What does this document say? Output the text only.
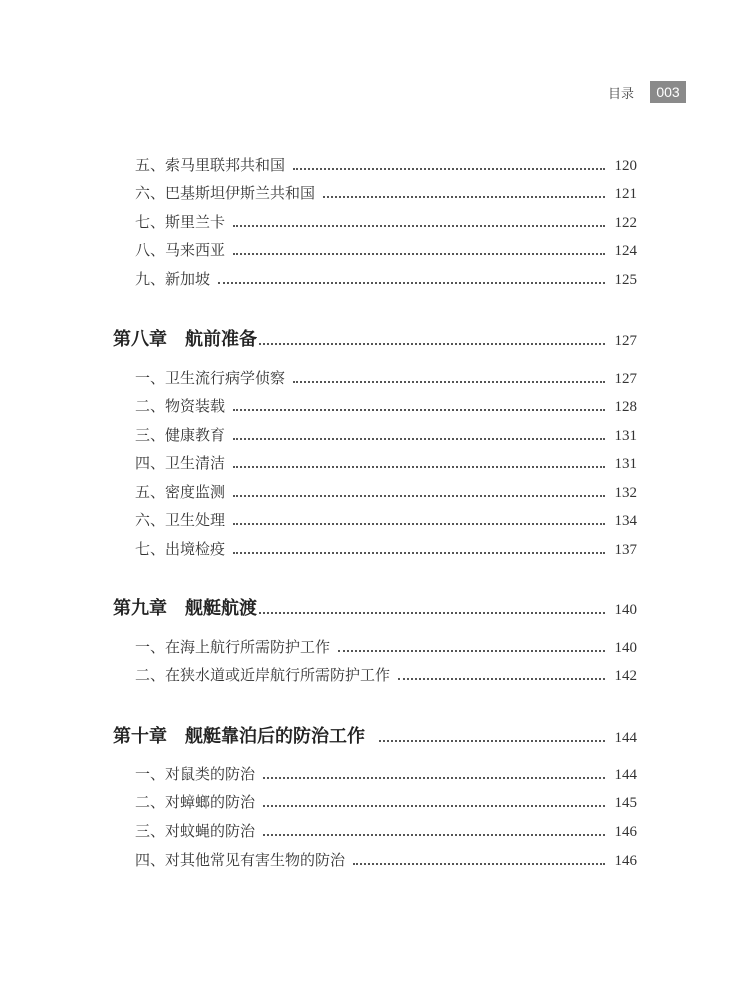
目录	003
五、索马里联邦共和国	120
六、巴基斯坦伊斯兰共和国	121
七、斯里兰卡	122
八、马来西亚	124
九、新加坡	125
第八章　航前准备	127
一、卫生流行病学侦察	127
二、物资装载	128
三、健康教育	131
四、卫生清洁	131
五、密度监测	132
六、卫生处理	134
七、出境检疫	137
第九章　舰艇航渡	140
一、在海上航行所需防护工作	140
二、在狭水道或近岸航行所需防护工作	142
第十章　舰艇靠泊后的防治工作	144
一、对鼠类的防治	144
二、对蟑螂的防治	145
三、对蚊蝇的防治	146
四、对其他常见有害生物的防治	146
